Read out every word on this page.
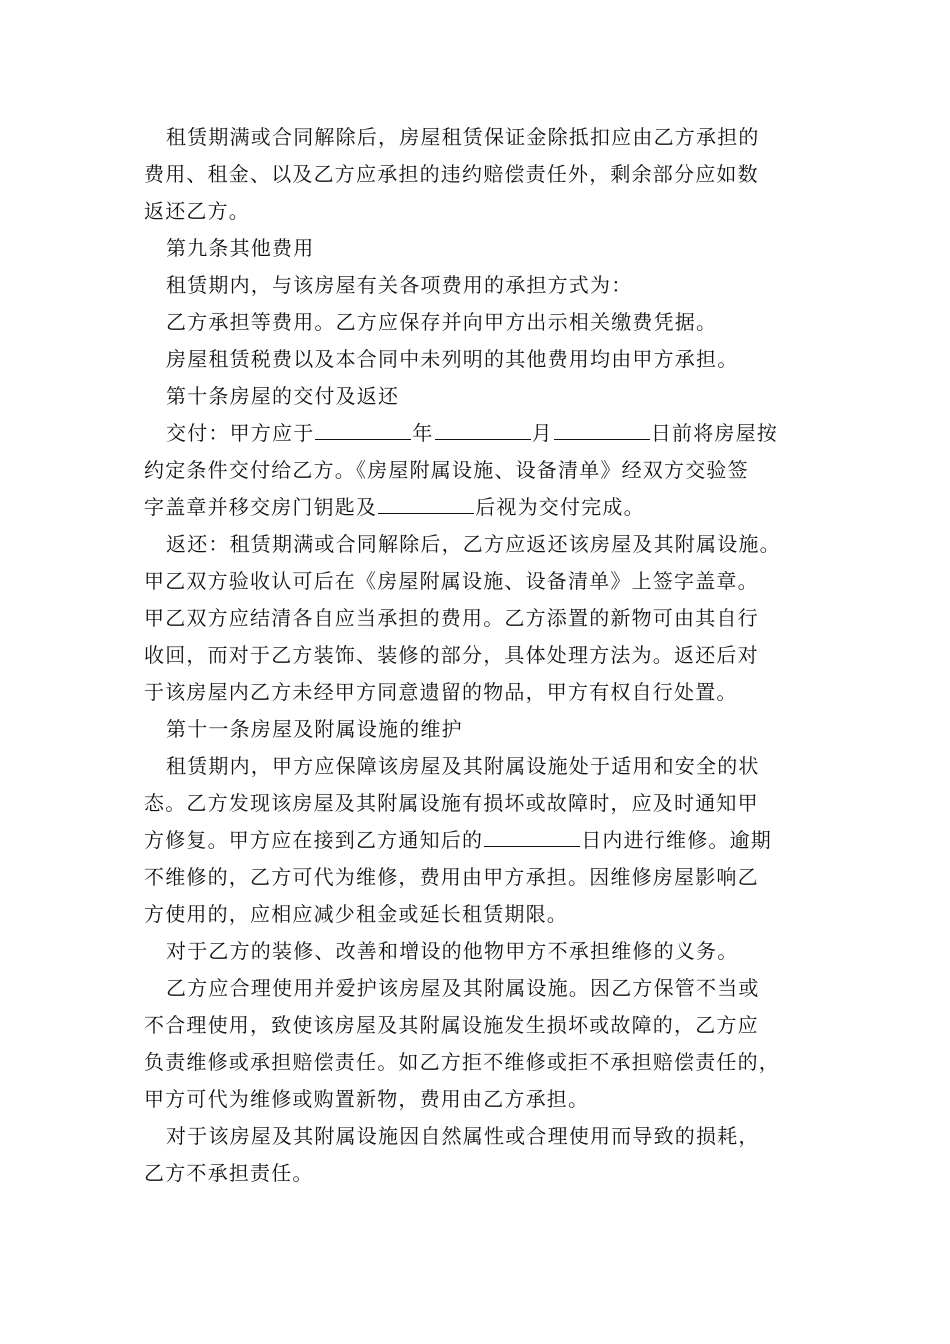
租赁期满或合同解除后，房屋租赁保证金除抵扣应由乙方承担的
费用、租金、以及乙方应承担的违约赔偿责任外，剩余部分应如数
返还乙方。
第九条其他费用
租赁期内，与该房屋有关各项费用的承担方式为：
乙方承担等费用。乙方应保存并向甲方出示相关缴费凭据。
房屋租赁税费以及本合同中未列明的其他费用均由甲方承担。
第十条房屋的交付及返还
交付：甲方应于	年	月	日前将房屋按
约定条件交付给乙方。《房屋附属设施、设备清单》经双方交验签
字盖章并移交房门钥匙及	后视为交付完成。
返还：租赁期满或合同解除后，乙方应返还该房屋及其附属设施。
甲乙双方验收认可后在《房屋附属设施、设备清单》上签字盖章。
甲乙双方应结清各自应当承担的费用。乙方添置的新物可由其自行
收回，而对于乙方装饰、装修的部分，具体处理方法为。返还后对
于该房屋内乙方未经甲方同意遗留的物品，甲方有权自行处置。
第十一条房屋及附属设施的维护
租赁期内，甲方应保障该房屋及其附属设施处于适用和安全的状
态。乙方发现该房屋及其附属设施有损坏或故障时，应及时通知甲
方修复。甲方应在接到乙方通知后的	日内进行维修。逾期
不维修的，乙方可代为维修，费用由甲方承担。因维修房屋影响乙
方使用的，应相应减少租金或延长租赁期限。
对于乙方的装修、改善和增设的他物甲方不承担维修的义务。
乙方应合理使用并爱护该房屋及其附属设施。因乙方保管不当或
不合理使用，致使该房屋及其附属设施发生损坏或故障的，乙方应
负责维修或承担赔偿责任。如乙方拒不维修或拒不承担赔偿责任的，
甲方可代为维修或购置新物，费用由乙方承担。
对于该房屋及其附属设施因自然属性或合理使用而导致的损耗，
乙方不承担责任。
